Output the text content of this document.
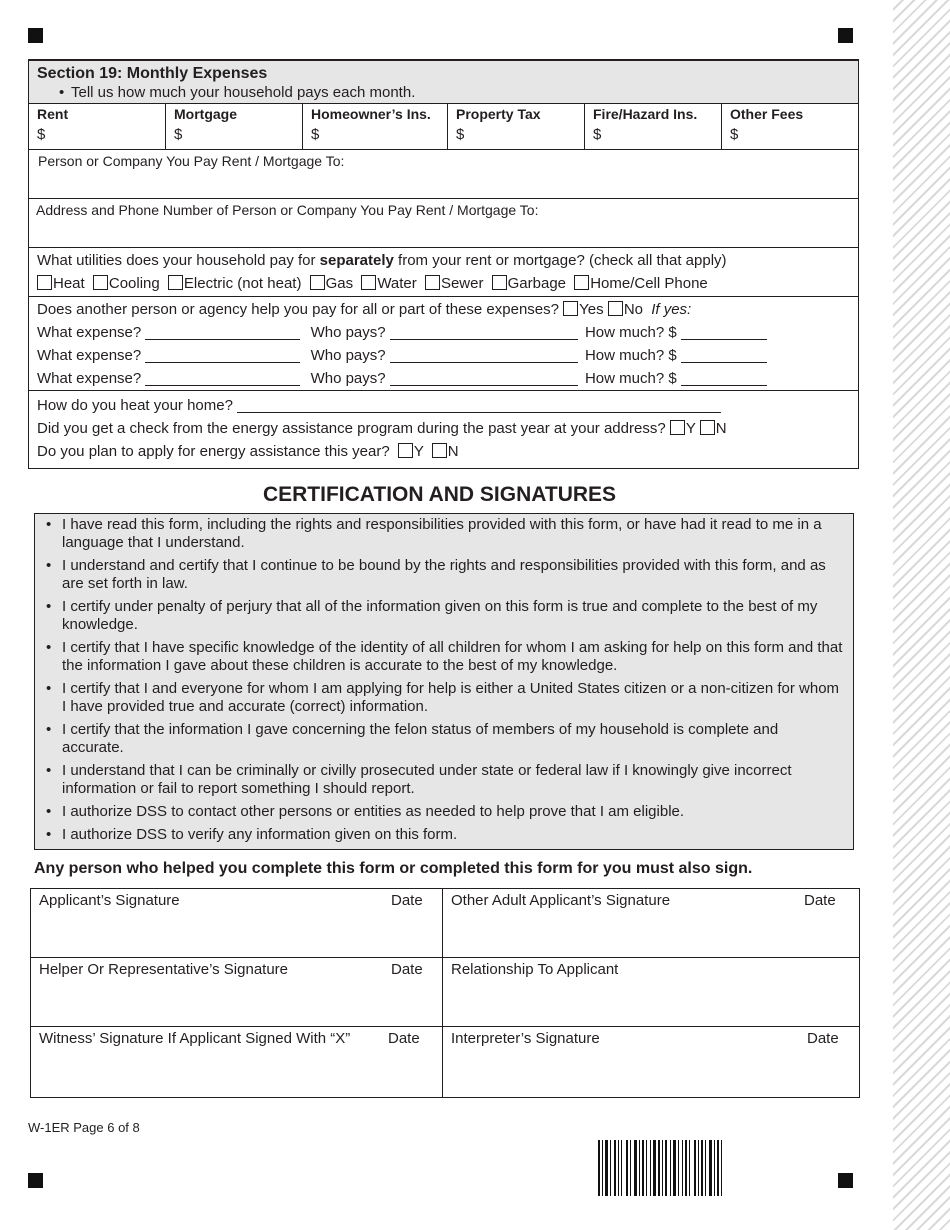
Section 19: Monthly Expenses
• Tell us how much your household pays each month.
Rent
$
Mortgage
$
Homeowner’s Ins.
$
Property Tax
$
Fire/Hazard Ins.
$
Other Fees
$
Person or Company You Pay Rent / Mortgage To:
Address and Phone Number of Person or Company You Pay Rent / Mortgage To:
What utilities does your household pay for separately from your rent or mortgage? (check all that apply)
Heat Cooling Electric (not heat) Gas Water Sewer Garbage Home/Cell Phone
Does another person or agency help you pay for all or part of these expenses? Yes No If yes:
What expense?	Who pays?	How much? $
What expense?	Who pays?	How much? $
What expense?	Who pays?	How much? $
How do you heat your home?
Did you get a check from the energy assistance program during the past year at your address? Y N
Do you plan to apply for energy assistance this year? Y N
CERTIFICATION AND SIGNATURES
• I have read this form, including the rights and responsibilities provided with this form, or have had it read to me in a language that I understand.
• I understand and certify that I continue to be bound by the rights and responsibilities provided with this form, and as are set forth in law.
• I certify under penalty of perjury that all of the information given on this form is true and complete to the best of my knowledge.
• I certify that I have specific knowledge of the identity of all children for whom I am asking for help on this form and that the information I gave about these children is accurate to the best of my knowledge.
• I certify that I and everyone for whom I am applying for help is either a United States citizen or a non-citizen for whom I have provided true and accurate (correct) information.
• I certify that the information I gave concerning the felon status of members of my household is complete and accurate.
• I understand that I can be criminally or civilly prosecuted under state or federal law if I knowingly give incorrect information or fail to report something I should report.
• I authorize DSS to contact other persons or entities as needed to help prove that I am eligible.
• I authorize DSS to verify any information given on this form.
Any person who helped you complete this form or completed this form for you must also sign.
Applicant’s Signature	Date	Other Adult Applicant’s Signature	Date
Helper Or Representative’s Signature	Date	Relationship To Applicant
Witness’ Signature If Applicant Signed With “X”	Date	Interpreter’s Signature	Date
W-1ER Page 6 of 8
